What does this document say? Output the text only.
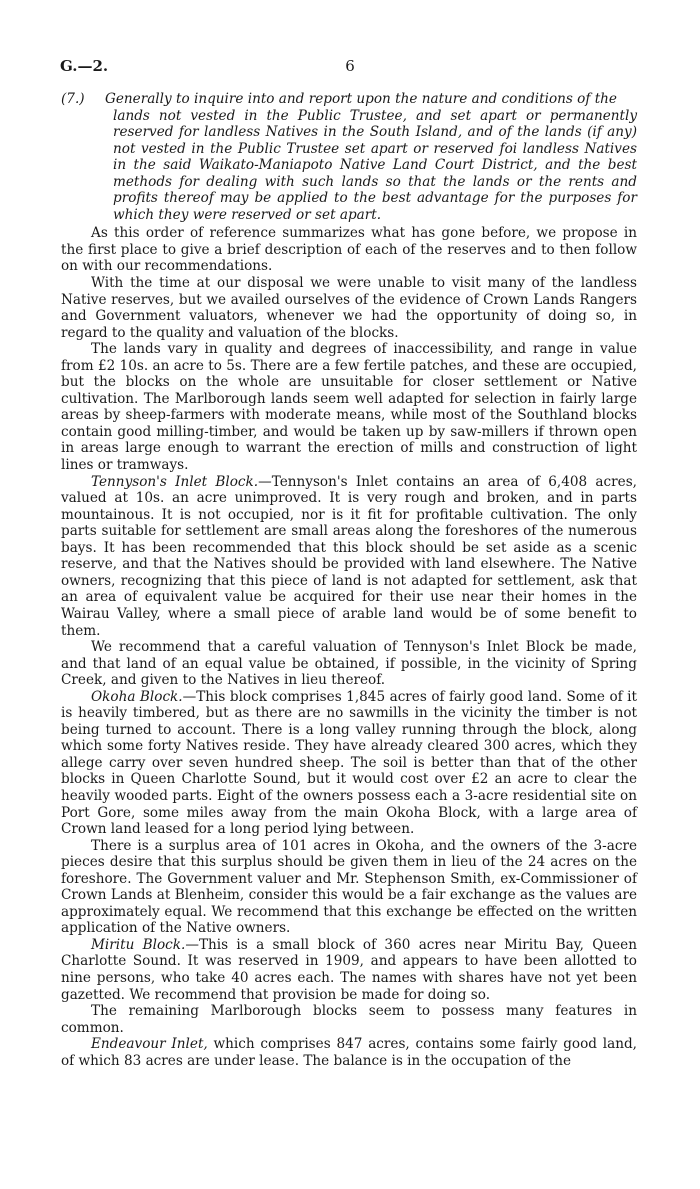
G.—2.	6
(7.) Generally to inquire into and report upon the nature and conditions of the
lands not vested in the Public Trustee, and set apart or permanently reserved for landless Natives in the South Island, and of the lands (if any) not vested in the Public Trustee set apart or reserved foi landless Natives in the said Waikato-Maniapoto Native Land Court District, and the best methods for dealing with such lands so that the lands or the rents and profits thereof may be applied to the best advantage for the purposes for which they were reserved or set apart.

As this order of reference summarizes what has gone before, we propose in the first place to give a brief description of each of the reserves and to then follow on with our recommendations.

With the time at our disposal we were unable to visit many of the landless Native reserves, but we availed ourselves of the evidence of Crown Lands Rangers and Government valuators, whenever we had the opportunity of doing so, in regard to the quality and valuation of the blocks.

The lands vary in quality and degrees of inaccessibility, and range in value from £2 10s. an acre to 5s. There are a few fertile patches, and these are occupied, but the blocks on the whole are unsuitable for closer settlement or Native cultivation. The Marlborough lands seem well adapted for selection in fairly large areas by sheep-farmers with moderate means, while most of the Southland blocks contain good milling-timber, and would be taken up by saw-millers if thrown open in areas large enough to warrant the erection of mills and construction of light lines or tramways.

Tennyson's Inlet Block.—Tennyson's Inlet contains an area of 6,408 acres, valued at 10s. an acre unimproved. It is very rough and broken, and in parts mountainous. It is not occupied, nor is it fit for profitable cultivation. The only parts suitable for settlement are small areas along the foreshores of the numerous bays. It has been recommended that this block should be set aside as a scenic reserve, and that the Natives should be provided with land elsewhere. The Native owners, recognizing that this piece of land is not adapted for settlement, ask that an area of equivalent value be acquired for their use near their homes in the Wairau Valley, where a small piece of arable land would be of some benefit to them.

We recommend that a careful valuation of Tennyson's Inlet Block be made, and that land of an equal value be obtained, if possible, in the vicinity of Spring Creek, and given to the Natives in lieu thereof.

Okoha Block.—This block comprises 1,845 acres of fairly good land. Some of it is heavily timbered, but as there are no sawmills in the vicinity the timber is not being turned to account. There is a long valley running through the block, along which some forty Natives reside. They have already cleared 300 acres, which they allege carry over seven hundred sheep. The soil is better than that of the other blocks in Queen Charlotte Sound, but it would cost over £2 an acre to clear the heavily wooded parts. Eight of the owners possess each a 3-acre residential site on Port Gore, some miles away from the main Okoha Block, with a large area of Crown land leased for a long period lying between.

There is a surplus area of 101 acres in Okoha, and the owners of the 3-acre pieces desire that this surplus should be given them in lieu of the 24 acres on the foreshore. The Government valuer and Mr. Stephenson Smith, ex-Commissioner of Crown Lands at Blenheim, consider this would be a fair exchange as the values are approximately equal. We recommend that this exchange be effected on the written application of the Native owners.

Miritu Block.—This is a small block of 360 acres near Miritu Bay, Queen Charlotte Sound. It was reserved in 1909, and appears to have been allotted to nine persons, who take 40 acres each. The names with shares have not yet been gazetted. We recommend that provision be made for doing so.

The remaining Marlborough blocks seem to possess many features in common.

Endeavour Inlet, which comprises 847 acres, contains some fairly good land, of which 83 acres are under lease. The balance is in the occupation of the
